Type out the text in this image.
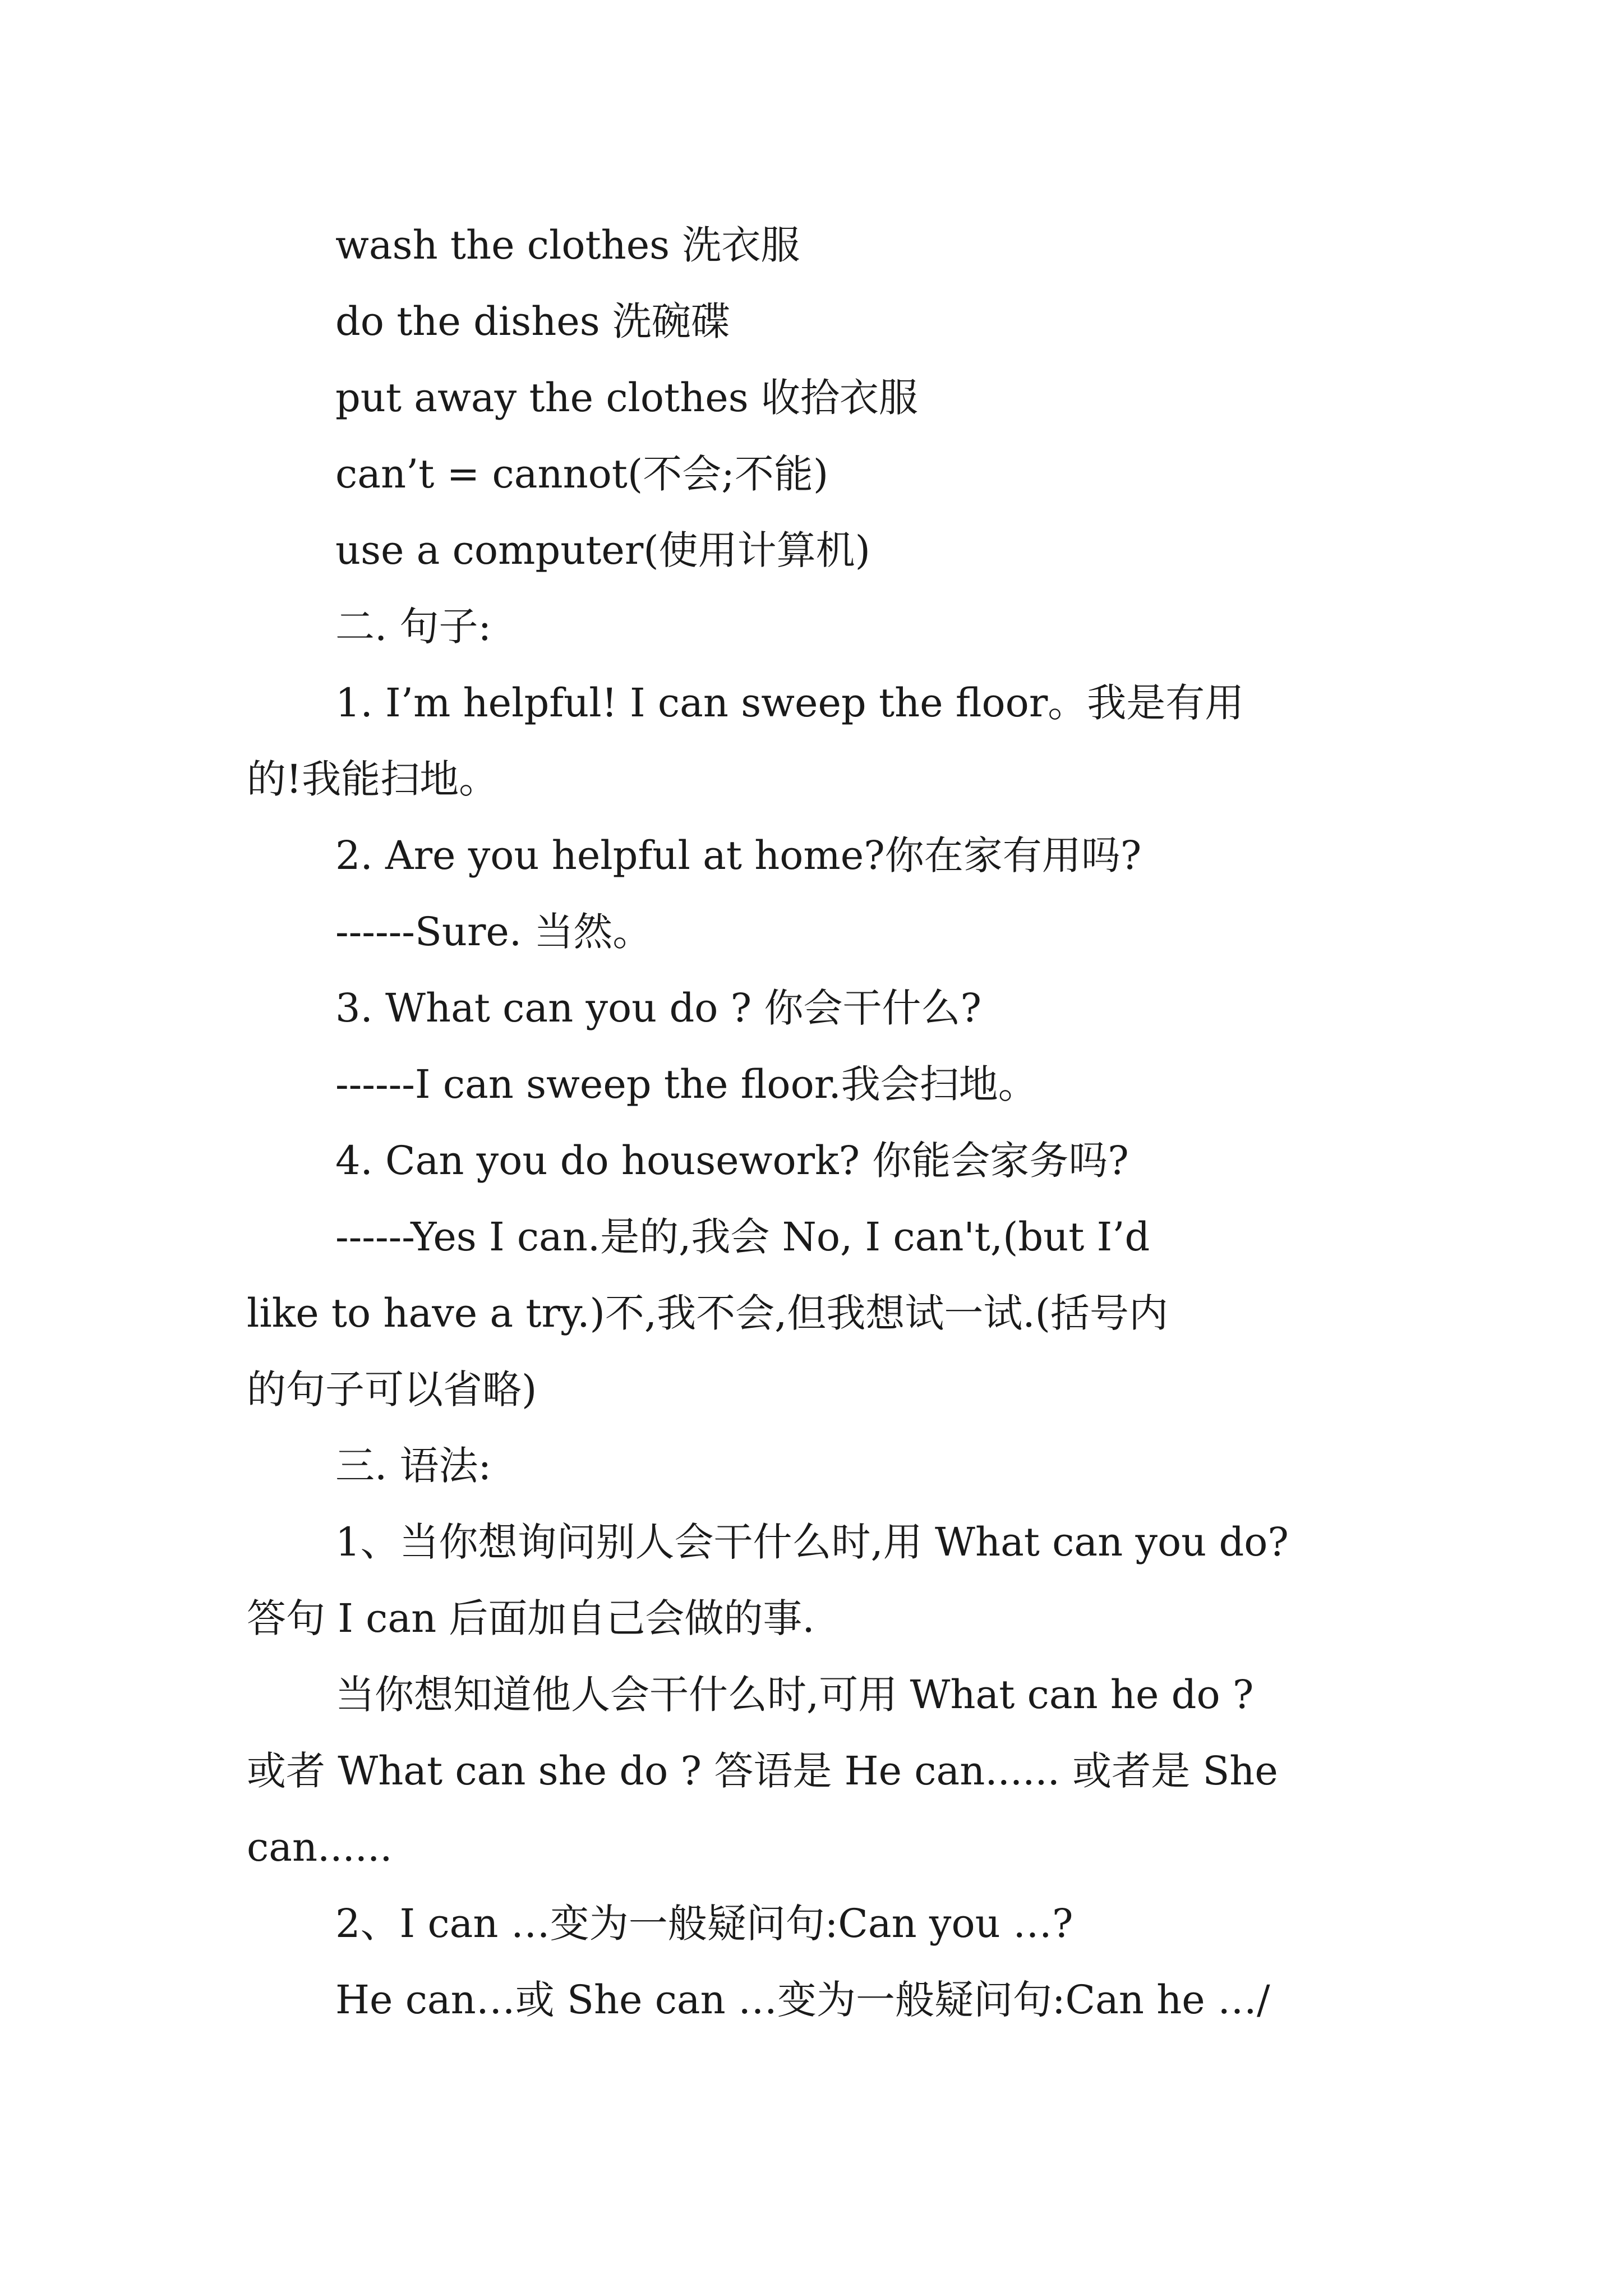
wash the clothes 洗衣服
do the dishes 洗碗碟
put away the clothes 收拾衣服
can’t = cannot(不会;不能)
use a computer(使用计算机)
二. 句子:
1. I’m helpful! I can sweep the floor。我是有用
的!我能扫地。
2. Are you helpful at home?你在家有用吗?
------Sure. 当然。
3. What can you do ? 你会干什么?
------I can sweep the floor.我会扫地。
4. Can you do housework? 你能会家务吗?
------Yes I can.是的,我会 No, I can't,(but I’d
like to have a try.)不,我不会,但我想试一试.(括号内
的句子可以省略)
三. 语法:
1、当你想询问别人会干什么时,用 What can you do?
答句 I can 后面加自己会做的事.
当你想知道他人会干什么时,可用 What can he do ?
或者 What can she do ? 答语是 He can...... 或者是 She
can......
2、I can …变为一般疑问句:Can you …?
He can…或 She can …变为一般疑问句:Can he …/
